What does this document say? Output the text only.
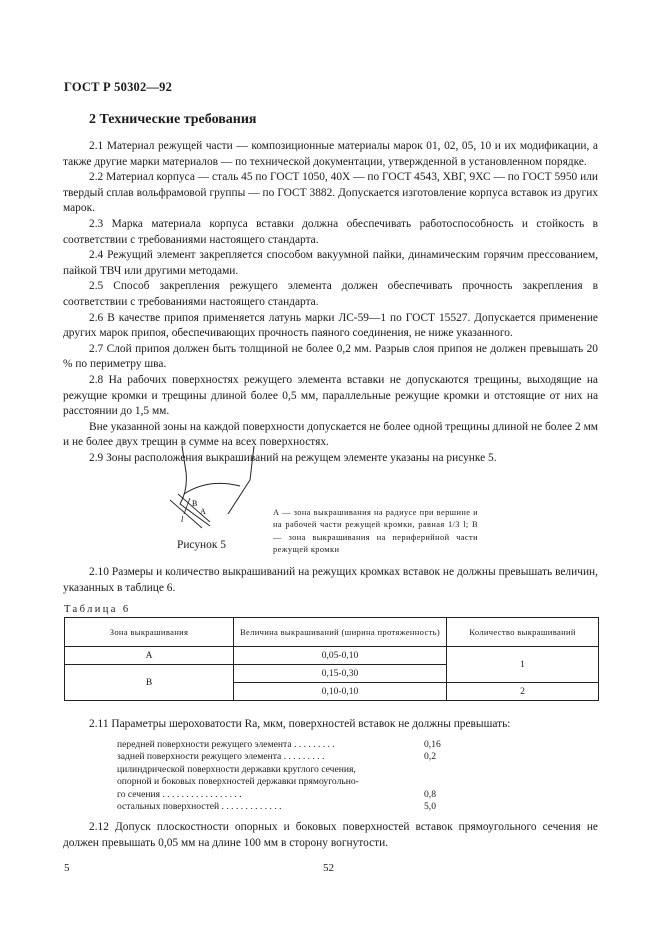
ГОСТ Р 50302—92
2 Технические требования

2.1 Материал режущей части — композиционные материалы марок 01, 02, 05, 10 и их модификации, а также другие марки материалов — по технической документации, утвержденной в установленном порядке.

2.2 Материал корпуса — сталь 45 по ГОСТ 1050, 40Х — по ГОСТ 4543, ХВГ, 9ХС — по ГОСТ 5950 или твердый сплав вольфрамовой группы — по ГОСТ 3882. Допускается изготовление корпуса вставок из других марок.

2.3 Марка материала корпуса вставки должна обеспечивать работоспособность и стойкость в соответствии с требованиями настоящего стандарта.

2.4 Режущий элемент закрепляется способом вакуумной пайки, динамическим горячим прессованием, пайкой ТВЧ или другими методами.

2.5 Способ закрепления режущего элемента должен обеспечивать прочность закрепления в соответствии с требованиями настоящего стандарта.

2.6 В качестве припоя применяется латунь марки ЛС-59—1 по ГОСТ 15527. Допускается применение других марок припоя, обеспечивающих прочность паяного соединения, не ниже указанного.

2.7 Слой припоя должен быть толщиной не более 0,2 мм. Разрыв слоя припоя не должен превышать 20 % по периметру шва.

2.8 На рабочих поверхностях режущего элемента вставки не допускаются трещины, выходящие на режущие кромки и трещины длиной более 0,5 мм, параллельные режущие кромки и отстоящие от них на расстоянии до 1,5 мм.

Вне указанной зоны на каждой поверхности допускается не более одной трещины длиной не более 2 мм и не более двух трещин в сумме на всех поверхностях.

2.9 Зоны расположения выкрашиваний на режущем элементе указаны на рисунке 5.

В
А
l
Рисунок 5
А — зона выкрашивания на радиусе при вершине и на рабочей части режущей кромки, равная 1/3 l; В — зона выкрашивания на периферийной части режущей кромки

2.10 Размеры и количество выкрашиваний на режущих кромках вставок не должны превышать величин, указанных в таблице 6.

Таблица 6
Зона выкрашивания	Величина выкрашиваний (ширина протяженность)	Количество выкрашиваний
А	0,05-0,10	1
В	0,15-0,30	
	0,10-0,10	2

2.11 Параметры шероховатости Ra, мкм, поверхностей вставок не должны превышать:

передней поверхности режущего элемента . . . . . . . . .	0,16
задней поверхности режущего элемента . . . . . . . . .	0,2
цилиндрической поверхности державки круглого сечения,
опорной и боковых поверхностей державки прямоугольно-
го сечения . . . . . . . . . . . . . . . . .	0,8
остальных поверхностей . . . . . . . . . . . . .	5,0

2.12 Допуск плоскостности опорных и боковых поверхностей вставок прямоугольного сечения не должен превышать 0,05 мм на длине 100 мм в сторону вогнутости.

5	52
